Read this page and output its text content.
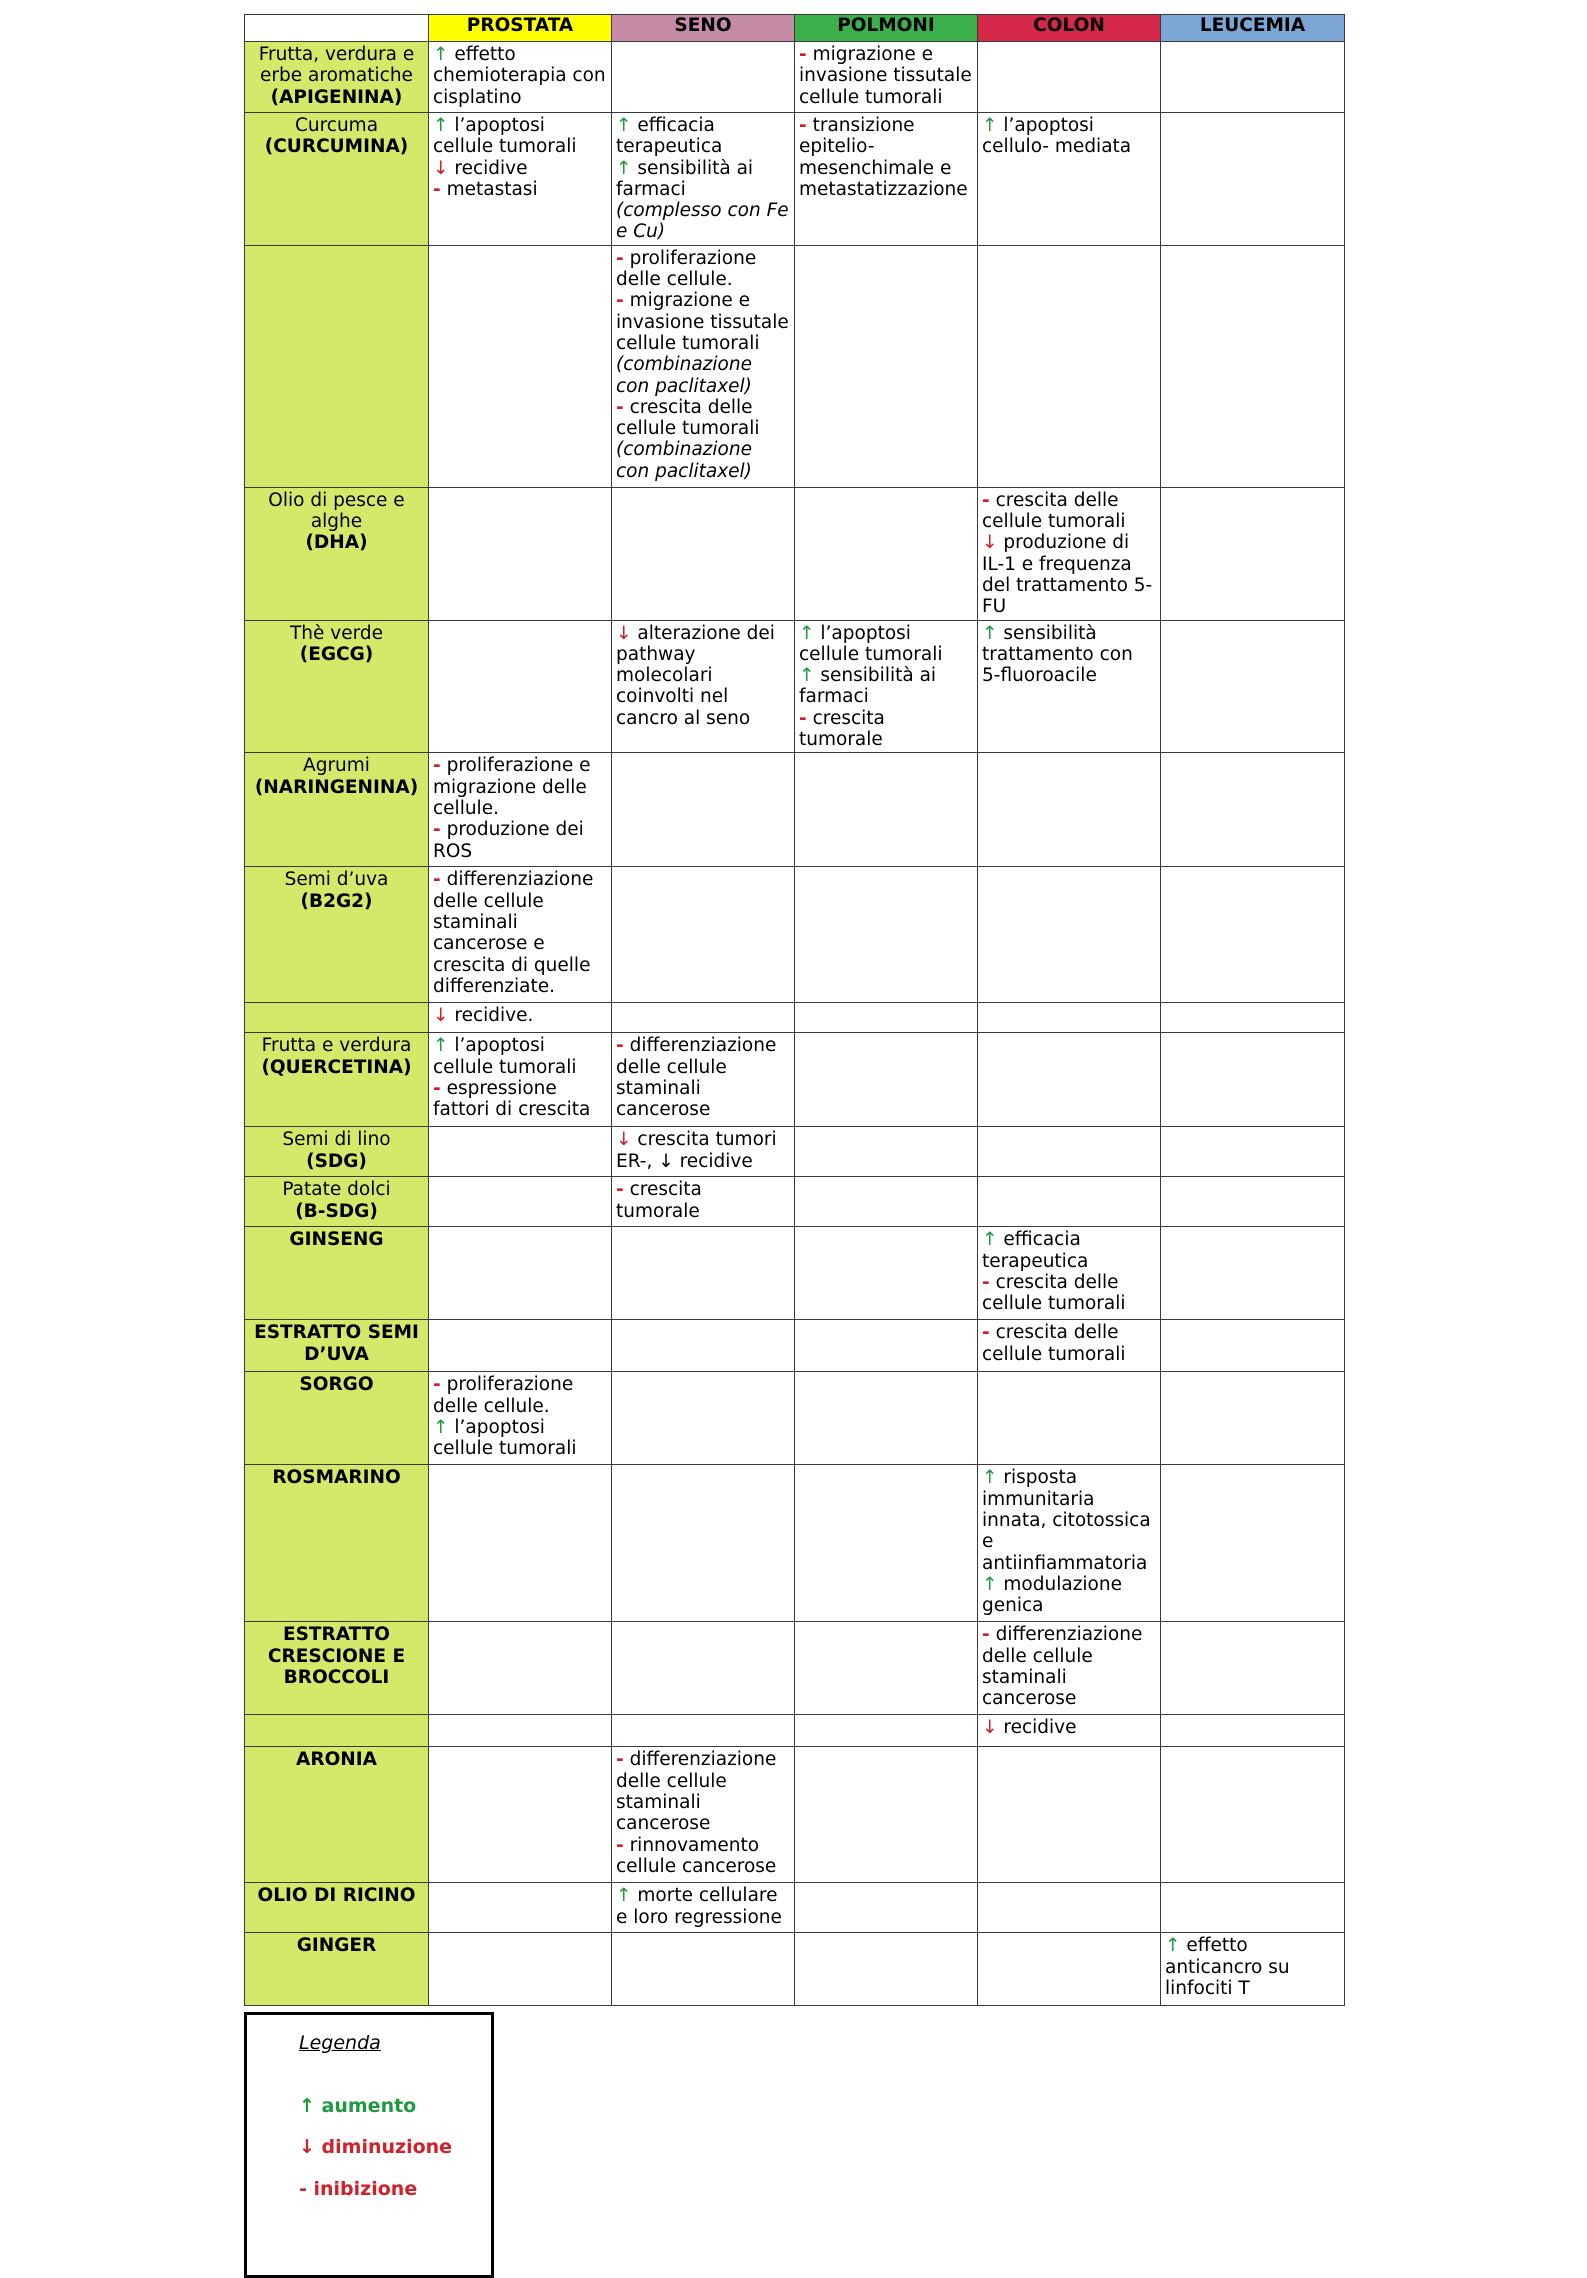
	PROSTATA	SENO	POLMONI	COLON	LEUCEMIA

Frutta, verdura e erbe aromatiche
(APIGENINA)	↑ effetto chemioterapia con cisplatino		- migrazione e invasione tissutale cellule tumorali		

Curcuma
(CURCUMINA)	↑ l’apoptosi cellule tumorali
↓ recidive
- metastasi	↑ efficacia terapeutica
↑ sensibilità ai farmaci
(complesso con Fe e Cu)	- transizione epitelio-mesenchimale e metastatizzazione	↑ l’apoptosi cellulo- mediata	

		- proliferazione delle cellule.
- migrazione e invasione tissutale cellule tumorali
(combinazione con paclitaxel)
- crescita delle cellule tumorali
(combinazione con paclitaxel)			

Olio di pesce e alghe
(DHA)				- crescita delle cellule tumorali
↓ produzione di IL-1 e frequenza del trattamento 5-FU	

Thè verde
(EGCG)		↓ alterazione dei pathway molecolari coinvolti nel cancro al seno	↑ l’apoptosi cellule tumorali
↑ sensibilità ai farmaci
- crescita tumorale	↑ sensibilità trattamento con 5-fluoroacile	

Agrumi
(NARINGENINA)	- proliferazione e migrazione delle cellule.
- produzione dei ROS				

Semi d’uva
(B2G2)	- differenziazione delle cellule staminali cancerose e crescita di quelle differenziate.				

	↓ recidive.				

Frutta e verdura
(QUERCETINA)	↑ l’apoptosi cellule tumorali
- espressione fattori di crescita	- differenziazione delle cellule staminali cancerose			

Semi di lino
(SDG)		↓ crescita tumori ER-, ↓ recidive			

Patate dolci
(B-SDG)		- crescita tumorale			

GINSENG				↑ efficacia terapeutica
- crescita delle cellule tumorali	

ESTRATTO SEMI D’UVA				- crescita delle cellule tumorali	

SORGO	- proliferazione delle cellule.
↑ l’apoptosi cellule tumorali				

ROSMARINO				↑ risposta immunitaria innata, citotossica e antiinfiammatoria
↑ modulazione genica	

ESTRATTO CRESCIONE E BROCCOLI				- differenziazione delle cellule staminali cancerose	

				↓ recidive	

ARONIA		- differenziazione delle cellule staminali cancerose
- rinnovamento cellule cancerose			

OLIO DI RICINO		↑ morte cellulare e loro regressione			

GINGER					↑ effetto anticancro su linfociti T
Legenda
↑ aumento
↓ diminuzione
- inibizione
